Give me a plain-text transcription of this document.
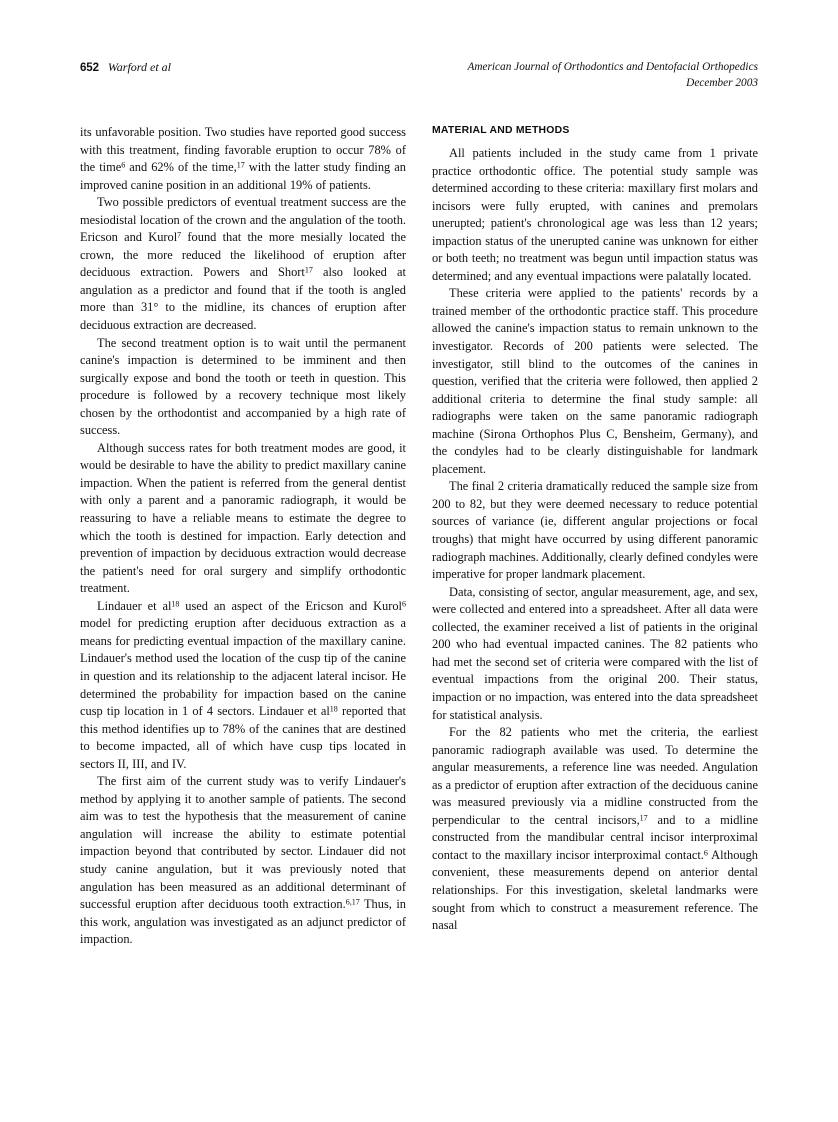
652 Warford et al	American Journal of Orthodontics and Dentofacial Orthopedics
December 2003

its unfavorable position. Two studies have reported good success with this treatment, finding favorable eruption to occur 78% of the time$^6$ and 62% of the time,$^{17}$ with the latter study finding an improved canine position in an additional 19% of patients.

Two possible predictors of eventual treatment success are the mesiodistal location of the crown and the angulation of the tooth. Ericson and Kurol$^7$ found that the more mesially located the crown, the more reduced the likelihood of eruption after deciduous extraction. Powers and Short$^{17}$ also looked at angulation as a predictor and found that if the tooth is angled more than 31° to the midline, its chances of eruption after deciduous extraction are decreased.

The second treatment option is to wait until the permanent canine's impaction is determined to be imminent and then surgically expose and bond the tooth or teeth in question. This procedure is followed by a recovery technique most likely chosen by the orthodontist and accompanied by a high rate of success.

Although success rates for both treatment modes are good, it would be desirable to have the ability to predict maxillary canine impaction. When the patient is referred from the general dentist with only a parent and a panoramic radiograph, it would be reassuring to have a reliable means to estimate the degree to which the tooth is destined for impaction. Early detection and prevention of impaction by deciduous extraction would decrease the patient's need for oral surgery and simplify orthodontic treatment.

Lindauer et $al^{18}$ used an aspect of the Ericson and Kurol$^6$ model for predicting eruption after deciduous extraction as a means for predicting eventual impaction of the maxillary canine. Lindauer's method used the location of the cusp tip of the canine in question and its relationship to the adjacent lateral incisor. He determined the probability for impaction based on the canine cusp tip location in 1 of 4 sectors. Lindauer et $al^{18}$ reported that this method identifies up to 78% of the canines that are destined to become impacted, all of which have cusp tips located in sectors II, III, and IV.

The first aim of the current study was to verify Lindauer's method by applying it to another sample of patients. The second aim was to test the hypothesis that the measurement of canine angulation will increase the ability to estimate potential impaction beyond that contributed by sector. Lindauer did not study canine angulation, but it was previously noted that angulation has been measured as an additional determinant of successful eruption after deciduous tooth extraction.$^{6,17}$ Thus, in this work, angulation was investigated as an adjunct predictor of impaction.

MATERIAL AND METHODS

All patients included in the study came from 1 private practice orthodontic office. The potential study sample was determined according to these criteria: maxillary first molars and incisors were fully erupted, with canines and premolars unerupted; patient's chronological age was less than 12 years; impaction status of the unerupted canine was unknown for either or both teeth; no treatment was begun until impaction status was determined; and any eventual impactions were palatally located.

These criteria were applied to the patients' records by a trained member of the orthodontic practice staff. This procedure allowed the canine's impaction status to remain unknown to the investigator. Records of 200 patients were selected. The investigator, still blind to the outcomes of the canines in question, verified that the criteria were followed, then applied 2 additional criteria to determine the final study sample: all radiographs were taken on the same panoramic radiograph machine (Sirona Orthophos Plus C, Bensheim, Germany), and the condyles had to be clearly distinguishable for landmark placement.

The final 2 criteria dramatically reduced the sample size from 200 to 82, but they were deemed necessary to reduce potential sources of variance (ie, different angular projections or focal troughs) that might have occurred by using different panoramic radiograph machines. Additionally, clearly defined condyles were imperative for proper landmark placement.

Data, consisting of sector, angular measurement, age, and sex, were collected and entered into a spreadsheet. After all data were collected, the examiner received a list of patients in the original 200 who had eventual impacted canines. The 82 patients who had met the second set of criteria were compared with the list of eventual impactions from the original 200. Their status, impaction or no impaction, was entered into the data spreadsheet for statistical analysis.

For the 82 patients who met the criteria, the earliest panoramic radiograph available was used. To determine the angular measurements, a reference line was needed. Angulation as a predictor of eruption after extraction of the deciduous canine was measured previously via a midline constructed from the perpendicular to the central incisors,$^{17}$ and to a midline constructed from the mandibular central incisor interproximal contact to the maxillary incisor interproximal contact.$^6$ Although convenient, these measurements depend on anterior dental relationships. For this investigation, skeletal landmarks were sought from which to construct a measurement reference. The nasal
